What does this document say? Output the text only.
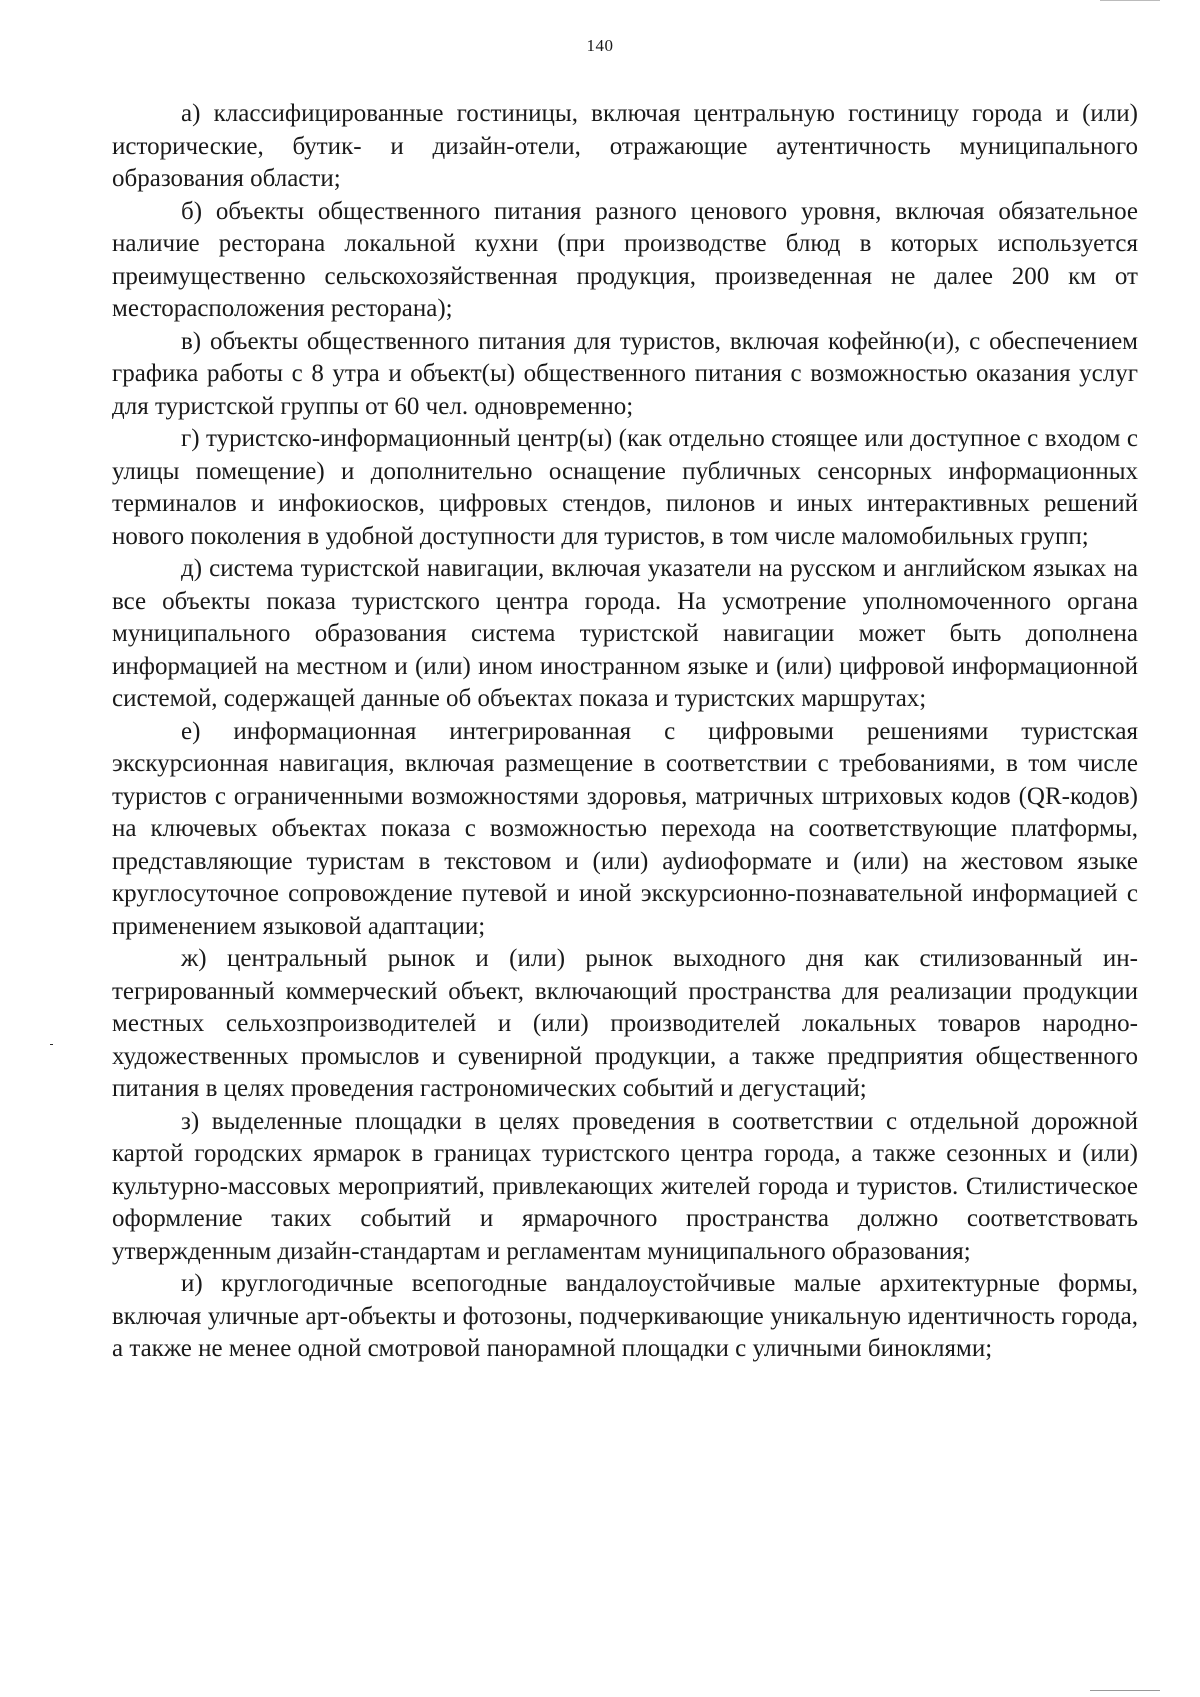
140

а) классифицированные гостиницы, включая центральную гостиницу города и (или) исторические, бутик- и дизайн-отели, отражающие аутентичность муниципального образования области;

б) объекты общественного питания разного ценового уровня, включая обязательное наличие ресторана локальной кухни (при производстве блюд в которых используется преимущественно сельскохозяйственная продукция, произведенная не далее 200 км от месторасположения ресторана);

в) объекты общественного питания для туристов, включая кофейню(и), с обеспечением графика работы с 8 утра и объект(ы) общественного питания с возможностью оказания услуг для туристской группы от 60 чел. одновременно;

г) туристско-информационный центр(ы) (как отдельно стоящее или доступное с входом с улицы помещение) и дополнительно оснащение публичных сенсорных информационных терминалов и инфокиосков, цифровых стендов, пилонов и иных интерактивных решений нового поколения в удобной доступности для туристов, в том числе маломобильных групп;

д) система туристской навигации, включая указатели на русском и английском языках на все объекты показа туристского центра города. На усмотрение уполномоченного органа муниципального образования система туристской навигации может быть дополнена информацией на местном и (или) ином иностранном языке и (или) цифровой информационной системой, содержащей данные об объектах показа и туристских маршрутах;

е) информационная интегрированная с цифровыми решениями туристская экскурсионная навигация, включая размещение в соответствии с требованиями, в том числе туристов с ограниченными возможностями здоровья, матричных штриховых кодов (QR-кодов) на ключевых объектах показа с возможностью перехода на соответствующие платформы, представляющие туристам в текстовом и (или) ауdиоформате и (или) на жестовом языке круглосуточное сопровождение путевой и иной экскурсионно-познавательной информацией с применением языковой адаптации;

ж) центральный рынок и (или) рынок выходного дня как стилизованный интегрированный коммерческий объект, включающий пространства для реализации продукции местных сельхозпроизводителей и (или) производителей локальных товаров народно-художественных промыслов и сувенирной продукции, а также предприятия общественного питания в целях проведения гастрономических событий и дегустаций;

з) выделенные площадки в целях проведения в соответствии с отдельной дорожной картой городских ярмарок в границах туристского центра города, а также сезонных и (или) культурно-массовых мероприятий, привлекающих жителей города и туристов. Стилистическое оформление таких событий и ярмарочного пространства должно соответствовать утвержденным дизайн-стандартам и регламентам муниципального образования;

и) круглогодичные всепогодные вандалоустойчивые малые архитектурные формы, включая уличные арт-объекты и фотозоны, подчеркивающие уникальную идентичность города, а также не менее одной смотровой панорамной площадки с уличными биноклями;
